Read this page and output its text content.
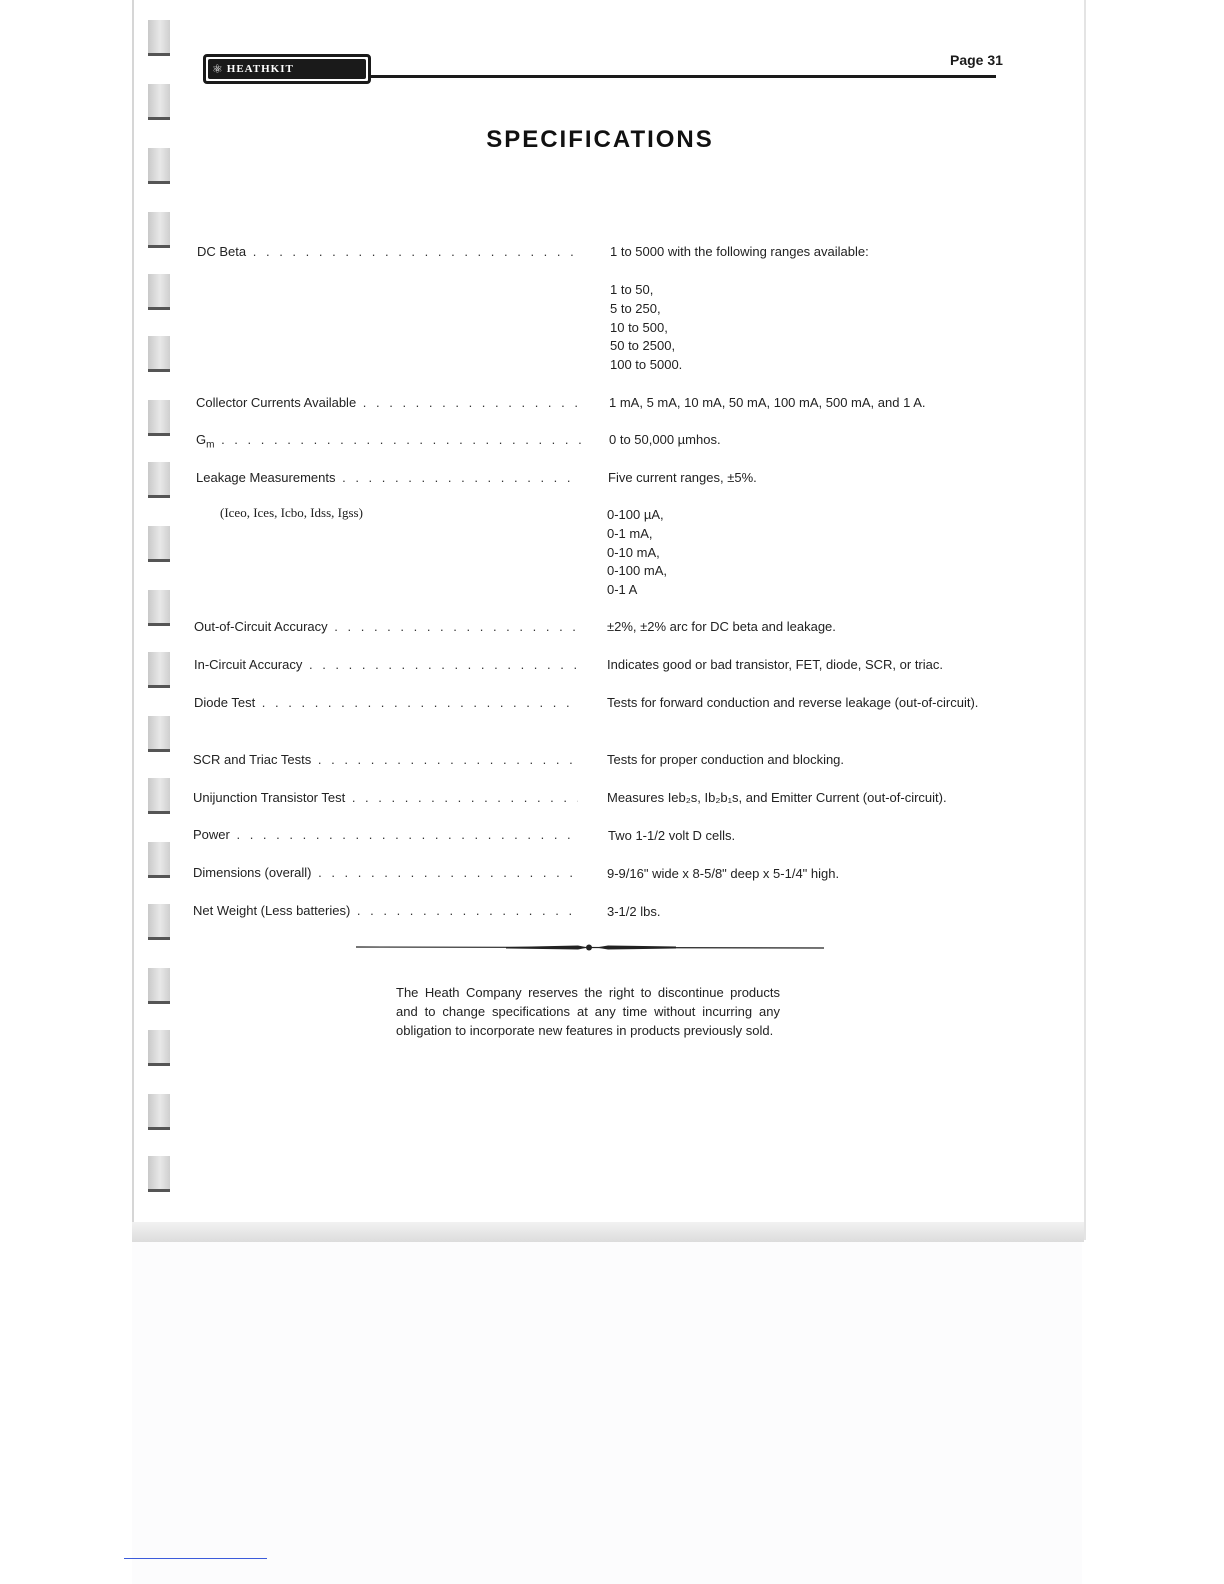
⚛ HEATHKIT
Page 31
SPECIFICATIONS
DC Beta . . .	1 to 5000 with the following ranges available:
1 to 50,
5 to 250,
10 to 500,
50 to 2500,
100 to 5000.
Collector Currents Available . . .	1 mA, 5 mA, 10 mA, 50 mA, 100 mA, 500 mA, and 1 A.
$G_m$ . . .	0 to 50,000 µmhos.
Leakage Measurements . . .	Five current ranges, ±5%.
(Iceo, Ices, Icbo, Idss, Igss)	0-100 µA,
0-1 mA,
0-10 mA,
0-100 mA,
0-1 A
Out-of-Circuit Accuracy . . .	±2%, ±2% arc for DC beta and leakage.
In-Circuit Accuracy . . .	Indicates good or bad transistor, FET, diode, SCR, or triac.
Diode Test . . .	Tests for forward conduction and reverse leakage (out-of-circuit).
SCR and Triac Tests . . .	Tests for proper conduction and blocking.
Unijunction Transistor Test . . .	Measures Ieb₂s, Ib₂b₁s, and Emitter Current (out-of-circuit).
Power . . .	Two 1-1/2 volt D cells.
Dimensions (overall) . . .	9-9/16" wide x 8-5/8" deep x 5-1/4" high.
Net Weight (Less batteries) . . .	3-1/2 lbs.
The Heath Company reserves the right to discontinue products and to change specifications at any time without incurring any obligation to incorporate new features in products previously sold.
